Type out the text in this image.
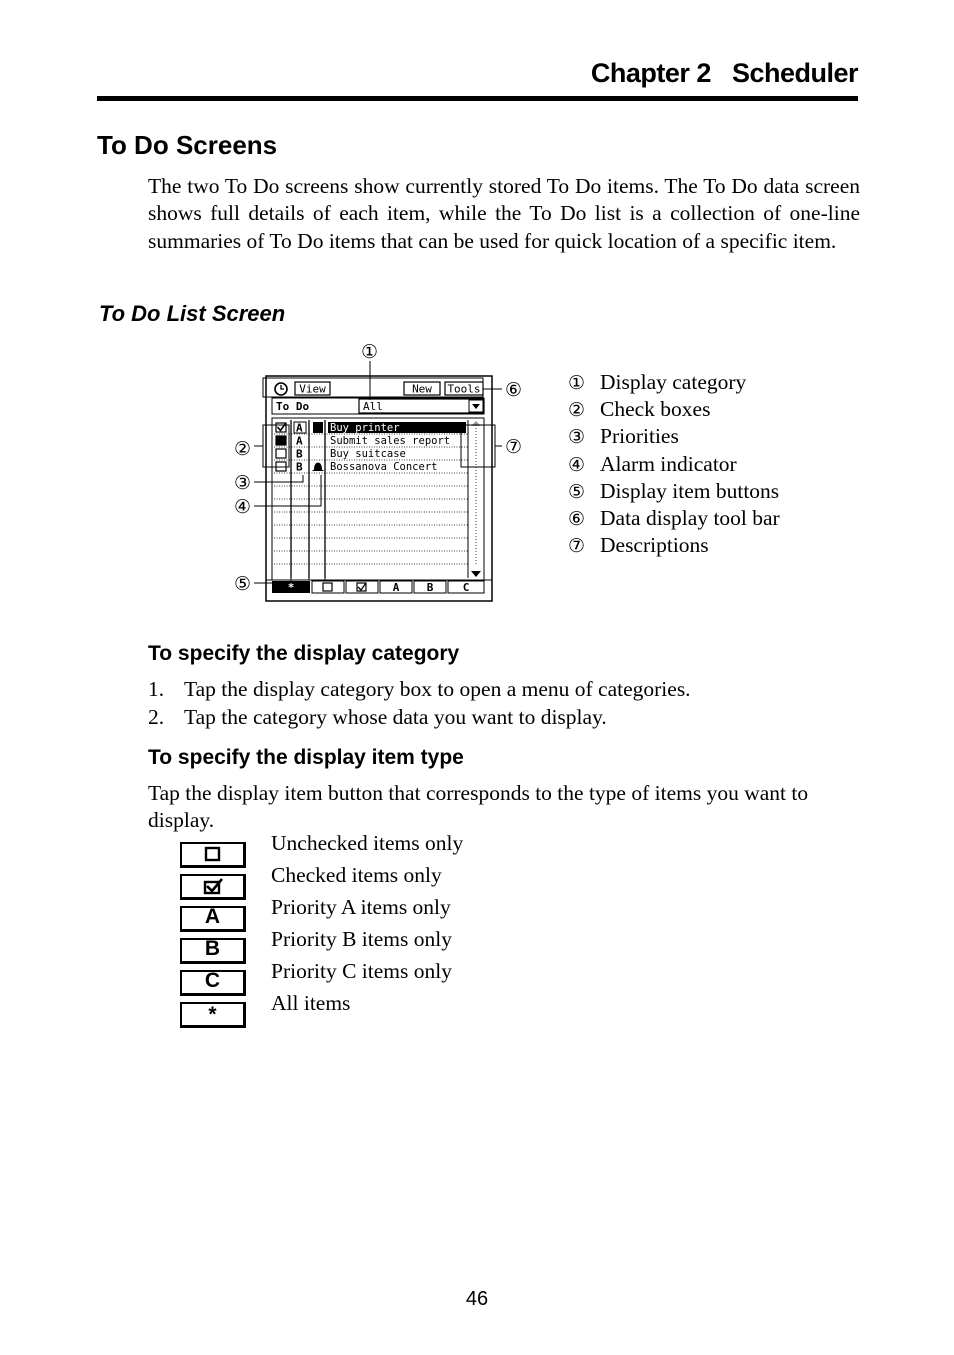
Chapter 2   Scheduler
To Do Screens
The two To Do screens show currently stored To Do items. The To Do data screen shows full details of each item, while the To Do list is a collection of one-line summaries of To Do items that can be used for quick location of a specific item.
To Do List Screen
View	New Tools
To Do	All
A	Buy printer
A	Submit sales report
B	Buy suitcase
B	Bossanova Concert
*	A B	C
①
②
③
④
⑤
⑥
⑦
① Display category
② Check boxes
③ Priorities
④ Alarm indicator
⑤ Display item buttons
⑥ Data display tool bar
⑦ Descriptions
To specify the display category
1. Tap the display category box to open a menu of categories.
2. Tap the category whose data you want to display.
To specify the display item type
Tap the display item button that corresponds to the type of items you want to display.
Unchecked items only
Checked items only
A	Priority A items only
B	Priority B items only
C	Priority C items only
*	All items
46
